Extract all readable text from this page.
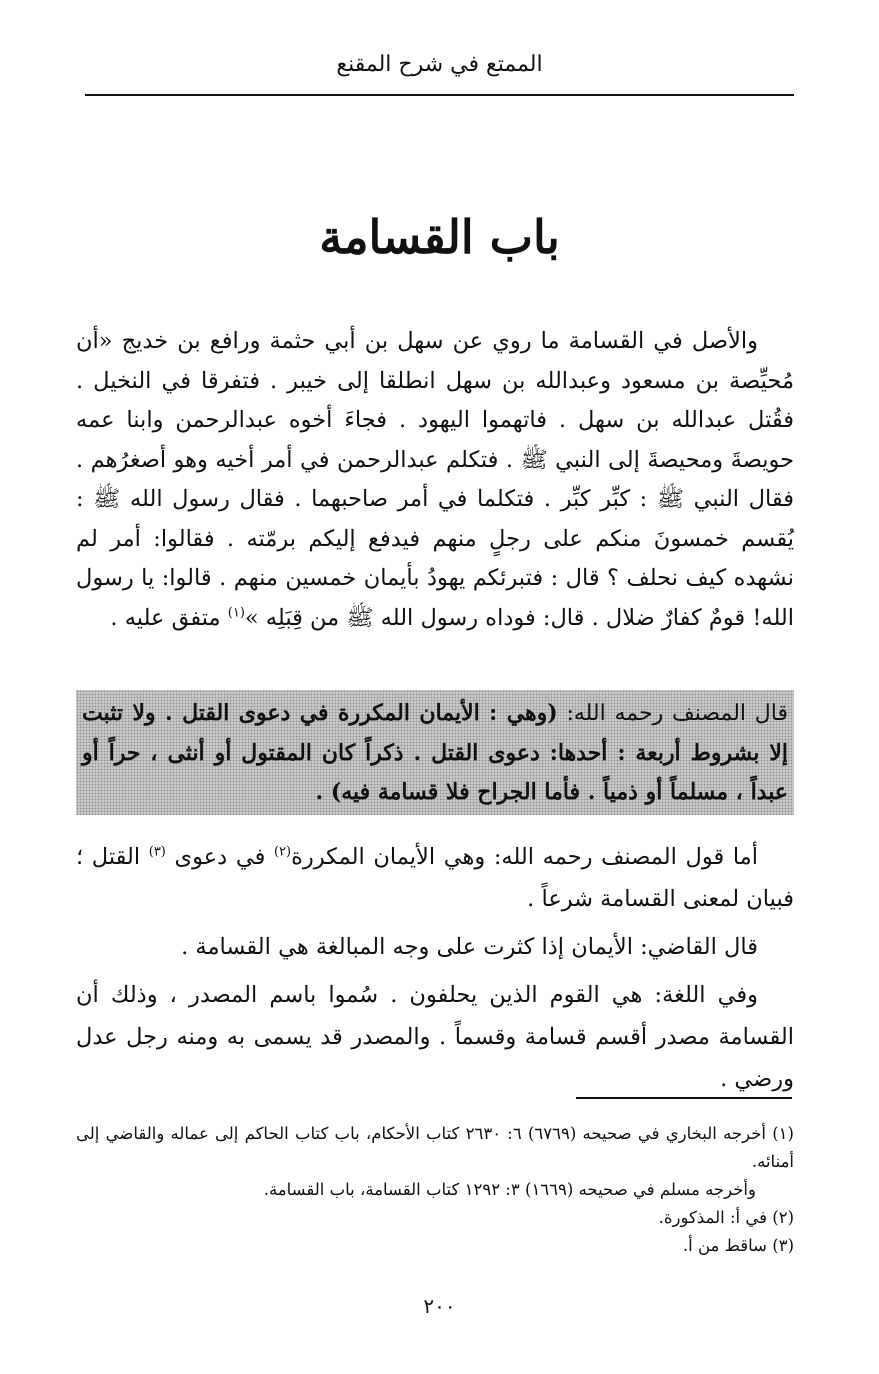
الممتع في شرح المقنع
باب القسامة

والأصل في القسامة ما روي عن سهل بن أبي حثمة ورافع بن خديج «أن مُحيِّصة بن مسعود وعبدالله بن سهل انطلقا إلى خيبر . فتفرقا في النخيل . فقُتل عبدالله بن سهل . فاتهموا اليهود . فجاءَ أخوه عبدالرحمن وابنا عمه حويصةَ ومحيصةَ إلى النبي ﷺ . فتكلم عبدالرحمن في أمر أخيه وهو أصغرُهم . فقال النبي ﷺ : كبِّر كبِّر . فتكلما في أمر صاحبهما . فقال رسول الله ﷺ : يُقسم خمسونَ منكم على رجلٍ منهم فيدفع إليكم برمّته . فقالوا: أمر لم نشهده كيف نحلف ؟ قال : فتبرئكم يهودُ بأيمان خمسين منهم . قالوا: يا رسول الله! قومٌ كفارٌ ضلال . قال: فوداه رسول الله ﷺ من قِبَلِه »$^{(١)}$ متفق عليه .

قال المصنف رحمه الله: (وهي : الأيمان المكررة في دعوى القتل . ولا تثبت إلا بشروط أربعة : أحدها: دعوى القتل . ذكراً كان المقتول أو أنثى ، حراً أو عبداً ، مسلماً أو ذمياً . فأما الجراح فلا قسامة فيه) .

أما قول المصنف رحمه الله: وهي الأيمان المكررة$^{(٢)}$ في دعوى $^{(٣)}$ القتل ؛ فبيان لمعنى القسامة شرعاً .

قال القاضي: الأيمان إذا كثرت على وجه المبالغة هي القسامة .

وفي اللغة: هي القوم الذين يحلفون . سُموا باسم المصدر ، وذلك أن القسامة مصدر أقسم قسامة وقسماً . والمصدر قد يسمى به ومنه رجل عدل ورضي .

(١) أخرجه البخاري في صحيحه (٦٧٦٩) ٦: ٢٦٣٠ كتاب الأحكام، باب كتاب الحاكم إلى عماله والقاضي إلى أمنائه.

وأخرجه مسلم في صحيحه (١٦٦٩) ٣: ١٢٩٢ كتاب القسامة، باب القسامة.

(٢) في أ: المذكورة.

(٣) ساقط من أ.

٢٠٠
